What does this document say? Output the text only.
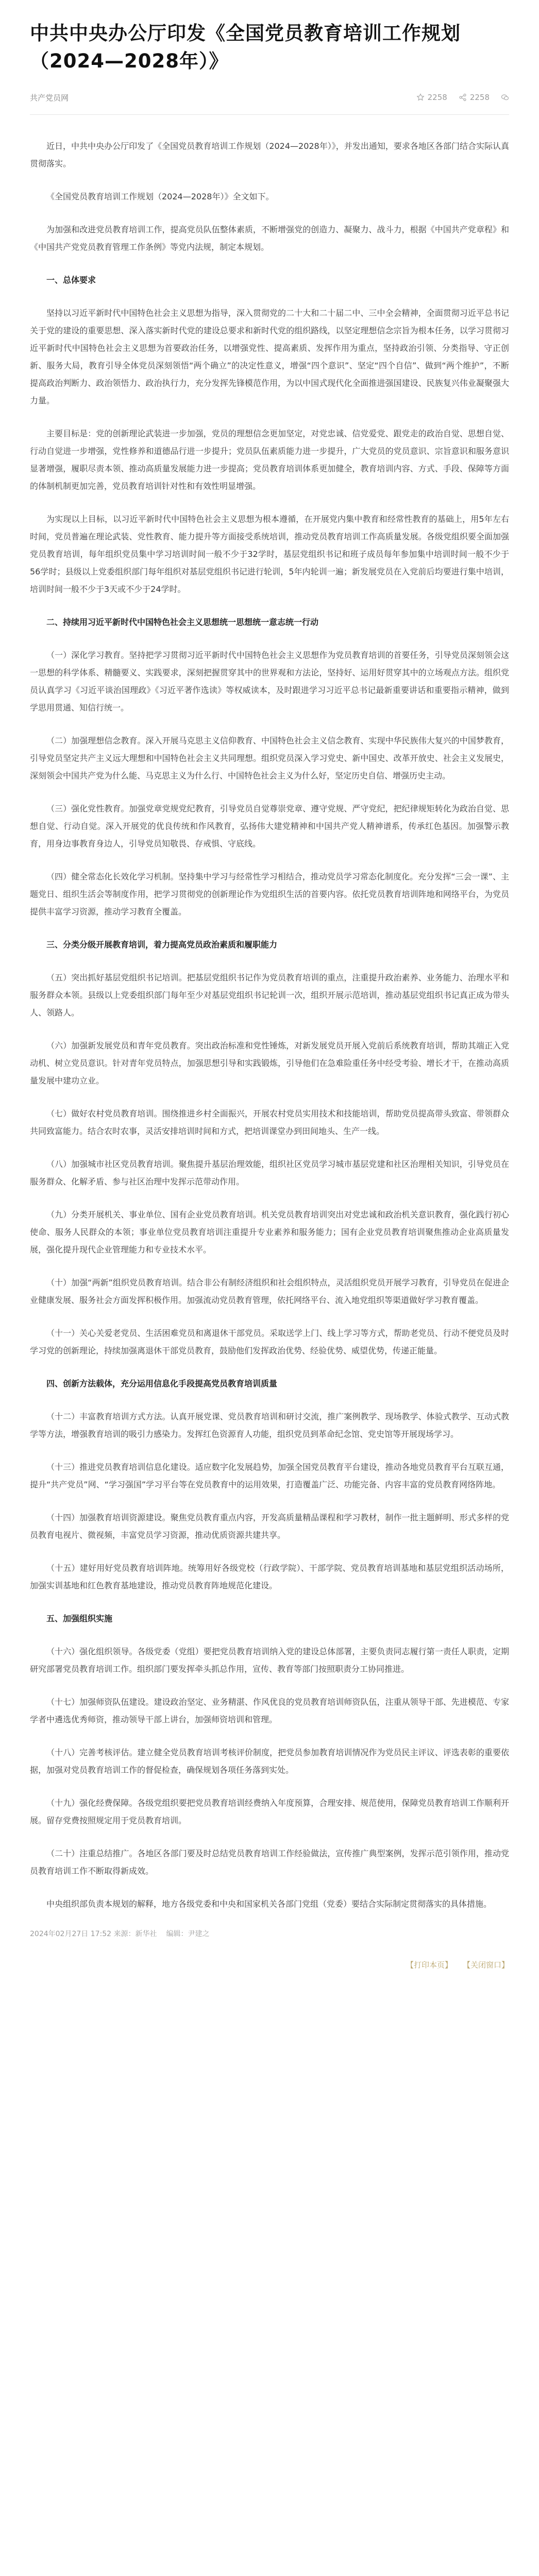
中共中央办公厅印发《全国党员教育培训工作规划（2024—2028年）》
共产党员网	2258	2258

近日，中共中央办公厅印发了《全国党员教育培训工作规划（2024—2028年）》，并发出通知，要求各地区各部门结合实际认真贯彻落实。

《全国党员教育培训工作规划（2024—2028年）》全文如下。

为加强和改进党员教育培训工作，提高党员队伍整体素质，不断增强党的创造力、凝聚力、战斗力，根据《中国共产党章程》和《中国共产党党员教育管理工作条例》等党内法规，制定本规划。

一、总体要求

坚持以习近平新时代中国特色社会主义思想为指导，深入贯彻党的二十大和二十届二中、三中全会精神，全面贯彻习近平总书记关于党的建设的重要思想、深入落实新时代党的建设总要求和新时代党的组织路线，以坚定理想信念宗旨为根本任务，以学习贯彻习近平新时代中国特色社会主义思想为首要政治任务，以增强党性、提高素质、发挥作用为重点，坚持政治引领、分类指导、守正创新、服务大局，教育引导全体党员深刻领悟“两个确立”的决定性意义，增强“四个意识”、坚定“四个自信”、做到“两个维护”，不断提高政治判断力、政治领悟力、政治执行力，充分发挥先锋模范作用，为以中国式现代化全面推进强国建设、民族复兴伟业凝聚强大力量。

主要目标是：党的创新理论武装进一步加强，党员的理想信念更加坚定，对党忠诚、信党爱党、跟党走的政治自觉、思想自觉、行动自觉进一步增强，党性修养和道德品行进一步提升；党员队伍素质能力进一步提升，广大党员的党员意识、宗旨意识和服务意识显著增强，履职尽责本领、推动高质量发展能力进一步提高；党员教育培训体系更加健全，教育培训内容、方式、手段、保障等方面的体制机制更加完善，党员教育培训针对性和有效性明显增强。

为实现以上目标，以习近平新时代中国特色社会主义思想为根本遵循，在开展党内集中教育和经常性教育的基础上，用5年左右时间，党员普遍在理论武装、党性教育、能力提升等方面接受系统培训，推动党员教育培训工作高质量发展。各级党组织要全面加强党员教育培训，每年组织党员集中学习培训时间一般不少于32学时，基层党组织书记和班子成员每年参加集中培训时间一般不少于56学时；县级以上党委组织部门每年组织对基层党组织书记进行轮训，5年内轮训一遍；新发展党员在入党前后均要进行集中培训，培训时间一般不少于3天或不少于24学时。

二、持续用习近平新时代中国特色社会主义思想统一思想统一意志统一行动

（一）深化学习教育。坚持把学习贯彻习近平新时代中国特色社会主义思想作为党员教育培训的首要任务，引导党员深刻领会这一思想的科学体系、精髓要义、实践要求，深刻把握贯穿其中的世界观和方法论，坚持好、运用好贯穿其中的立场观点方法。组织党员认真学习《习近平谈治国理政》《习近平著作选读》等权威读本，及时跟进学习习近平总书记最新重要讲话和重要指示精神，做到学思用贯通、知信行统一。

（二）加强理想信念教育。深入开展马克思主义信仰教育、中国特色社会主义信念教育、实现中华民族伟大复兴的中国梦教育，引导党员坚定共产主义远大理想和中国特色社会主义共同理想。组织党员深入学习党史、新中国史、改革开放史、社会主义发展史，深刻领会中国共产党为什么能、马克思主义为什么行、中国特色社会主义为什么好，坚定历史自信、增强历史主动。

（三）强化党性教育。加强党章党规党纪教育，引导党员自觉尊崇党章、遵守党规、严守党纪，把纪律规矩转化为政治自觉、思想自觉、行动自觉。深入开展党的优良传统和作风教育，弘扬伟大建党精神和中国共产党人精神谱系，传承红色基因。加强警示教育，用身边事教育身边人，引导党员知敬畏、存戒惧、守底线。

（四）健全常态化长效化学习机制。坚持集中学习与经常性学习相结合，推动党员学习常态化制度化。充分发挥“三会一课”、主题党日、组织生活会等制度作用，把学习贯彻党的创新理论作为党组织生活的首要内容。依托党员教育培训阵地和网络平台，为党员提供丰富学习资源，推动学习教育全覆盖。

三、分类分级开展教育培训，着力提高党员政治素质和履职能力

（五）突出抓好基层党组织书记培训。把基层党组织书记作为党员教育培训的重点，注重提升政治素养、业务能力、治理水平和服务群众本领。县级以上党委组织部门每年至少对基层党组织书记轮训一次，组织开展示范培训，推动基层党组织书记真正成为带头人、领路人。

（六）加强新发展党员和青年党员教育。突出政治标准和党性锤炼，对新发展党员开展入党前后系统教育培训，帮助其端正入党动机、树立党员意识。针对青年党员特点，加强思想引导和实践锻炼，引导他们在急难险重任务中经受考验、增长才干，在推动高质量发展中建功立业。

（七）做好农村党员教育培训。围绕推进乡村全面振兴，开展农村党员实用技术和技能培训，帮助党员提高带头致富、带领群众共同致富能力。结合农时农事，灵活安排培训时间和方式，把培训课堂办到田间地头、生产一线。

（八）加强城市社区党员教育培训。聚焦提升基层治理效能，组织社区党员学习城市基层党建和社区治理相关知识，引导党员在服务群众、化解矛盾、参与社区治理中发挥示范带动作用。

（九）分类开展机关、事业单位、国有企业党员教育培训。机关党员教育培训突出对党忠诚和政治机关意识教育，强化践行初心使命、服务人民群众的本领；事业单位党员教育培训注重提升专业素养和服务能力；国有企业党员教育培训聚焦推动企业高质量发展，强化提升现代企业管理能力和专业技术水平。

（十）加强“两新”组织党员教育培训。结合非公有制经济组织和社会组织特点，灵活组织党员开展学习教育，引导党员在促进企业健康发展、服务社会方面发挥积极作用。加强流动党员教育管理，依托网络平台、流入地党组织等渠道做好学习教育覆盖。

（十一）关心关爱老党员、生活困难党员和离退休干部党员。采取送学上门、线上学习等方式，帮助老党员、行动不便党员及时学习党的创新理论，持续加强离退休干部党员教育，鼓励他们发挥政治优势、经验优势、威望优势，传递正能量。

四、创新方法载体，充分运用信息化手段提高党员教育培训质量

（十二）丰富教育培训方式方法。认真开展党课、党员教育培训和研讨交流，推广案例教学、现场教学、体验式教学、互动式教学等方法，增强教育培训的吸引力感染力。发挥红色资源育人功能，组织党员到革命纪念馆、党史馆等开展现场学习。

（十三）推进党员教育培训信息化建设。适应数字化发展趋势，加强全国党员教育平台建设，推动各地党员教育平台互联互通，提升“共产党员”网、“学习强国”学习平台等在党员教育中的运用效果，打造覆盖广泛、功能完备、内容丰富的党员教育网络阵地。

（十四）加强教育培训资源建设。聚焦党员教育重点内容，开发高质量精品课程和学习教材，制作一批主题鲜明、形式多样的党员教育电视片、微视频，丰富党员学习资源，推动优质资源共建共享。

（十五）建好用好党员教育培训阵地。统筹用好各级党校（行政学院）、干部学院、党员教育培训基地和基层党组织活动场所，加强实训基地和红色教育基地建设，推动党员教育阵地规范化建设。

五、加强组织实施

（十六）强化组织领导。各级党委（党组）要把党员教育培训纳入党的建设总体部署，主要负责同志履行第一责任人职责，定期研究部署党员教育培训工作。组织部门要发挥牵头抓总作用，宣传、教育等部门按照职责分工协同推进。

（十七）加强师资队伍建设。建设政治坚定、业务精湛、作风优良的党员教育培训师资队伍，注重从领导干部、先进模范、专家学者中遴选优秀师资，推动领导干部上讲台，加强师资培训和管理。

（十八）完善考核评估。建立健全党员教育培训考核评价制度，把党员参加教育培训情况作为党员民主评议、评选表彰的重要依据，加强对党员教育培训工作的督促检查，确保规划各项任务落到实处。

（十九）强化经费保障。各级党组织要把党员教育培训经费纳入年度预算，合理安排、规范使用，保障党员教育培训工作顺利开展。留存党费按照规定用于党员教育培训。

（二十）注重总结推广。各地区各部门要及时总结党员教育培训工作经验做法，宣传推广典型案例，发挥示范引领作用，推动党员教育培训工作不断取得新成效。

中央组织部负责本规划的解释，地方各级党委和中央和国家机关各部门党组（党委）要结合实际制定贯彻落实的具体措施。

2024年02月27日 17:52 来源：新华社 编辑：尹建之
【打印本页】 【关闭窗口】
